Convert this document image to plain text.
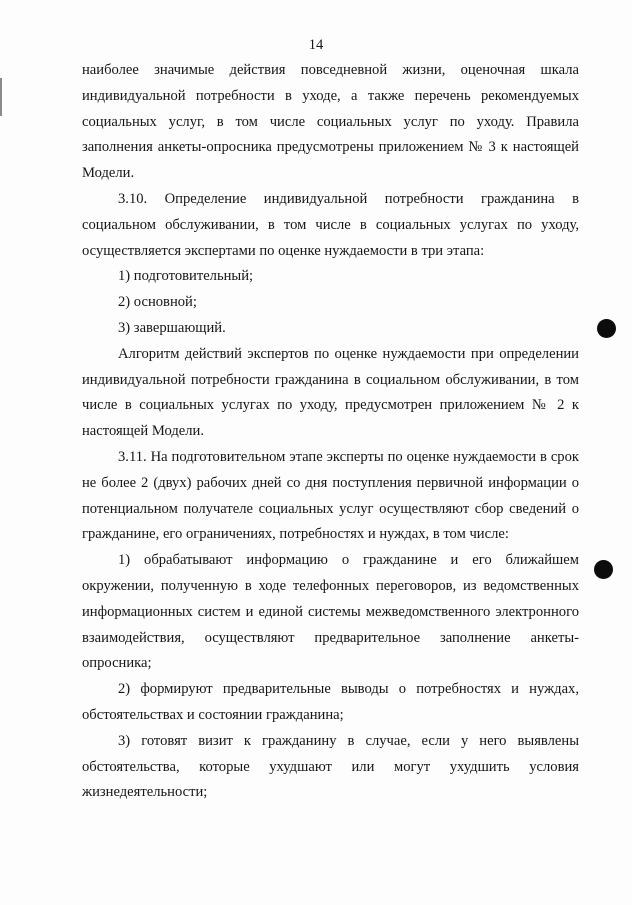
14

наиболее значимые действия повседневной жизни, оценочная шкала индивидуальной потребности в уходе, а также перечень рекомендуемых социальных услуг, в том числе социальных услуг по уходу. Правила заполнения анкеты-опросника предусмотрены приложением № 3 к настоящей Модели.

3.10. Определение индивидуальной потребности гражданина в социальном обслуживании, в том числе в социальных услугах по уходу, осуществляется экспертами по оценке нуждаемости в три этапа:

1) подготовительный;

2) основной;

3) завершающий.

Алгоритм действий экспертов по оценке нуждаемости при определении индивидуальной потребности гражданина в социальном обслуживании, в том числе в социальных услугах по уходу, предусмотрен приложением № 2 к настоящей Модели.

3.11. На подготовительном этапе эксперты по оценке нуждаемости в срок не более 2 (двух) рабочих дней со дня поступления первичной информации о потенциальном получателе социальных услуг осуществляют сбор сведений о гражданине, его ограничениях, потребностях и нуждах, в том числе:

1) обрабатывают информацию о гражданине и его ближайшем окружении, полученную в ходе телефонных переговоров, из ведомственных информационных систем и единой системы межведомственного электронного взаимодействия, осуществляют предварительное заполнение анкеты-опросника;

2) формируют предварительные выводы о потребностях и нуждах, обстоятельствах и состоянии гражданина;

3) готовят визит к гражданину в случае, если у него выявлены обстоятельства, которые ухудшают или могут ухудшить условия жизнедеятельности;
